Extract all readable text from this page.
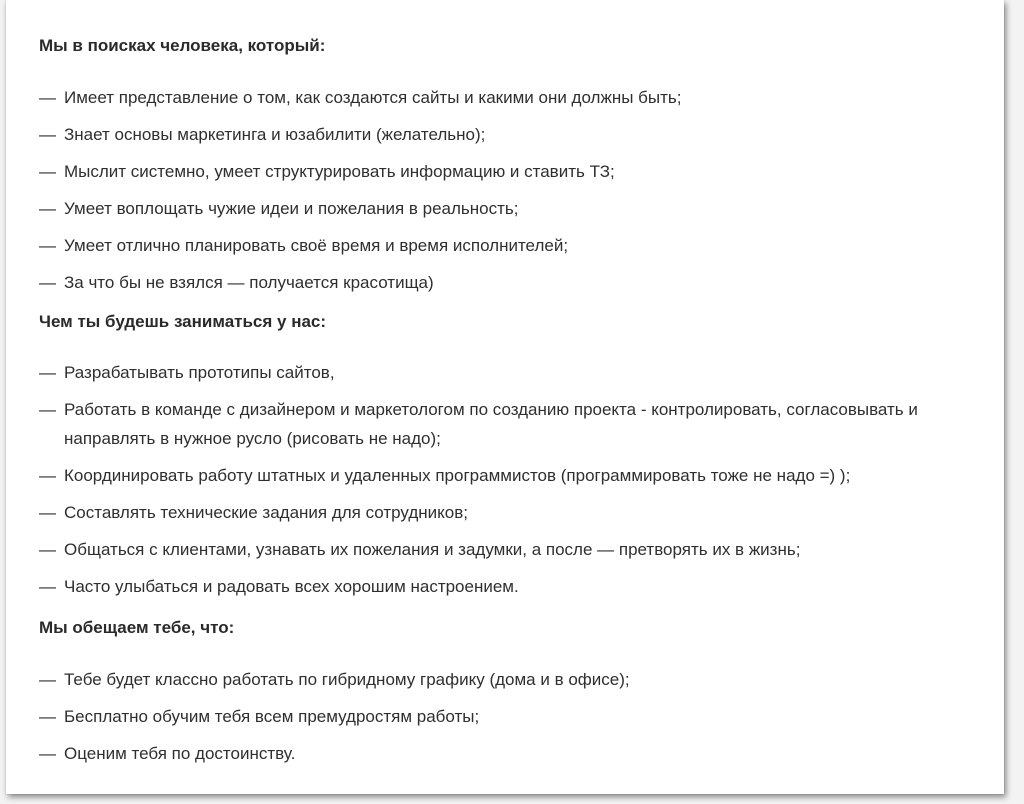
Мы в поисках человека, который:
— Имеет представление о том, как создаются сайты и какими они должны быть;
— Знает основы маркетинга и юзабилити (желательно);
— Мыслит системно, умеет структурировать информацию и ставить ТЗ;
— Умеет воплощать чужие идеи и пожелания в реальность;
— Умеет отлично планировать своё время и время исполнителей;
— За что бы не взялся — получается красотища)
Чем ты будешь заниматься у нас:
— Разрабатывать прототипы сайтов,
— Работать в команде с дизайнером и маркетологом по созданию проекта - контролировать, согласовывать и направлять в нужное русло (рисовать не надо);
— Координировать работу штатных и удаленных программистов (программировать тоже не надо =) );
— Составлять технические задания для сотрудников;
— Общаться с клиентами, узнавать их пожелания и задумки, а после — претворять их в жизнь;
— Часто улыбаться и радовать всех хорошим настроением.
Мы обещаем тебе, что:
— Тебе будет классно работать по гибридному графику (дома и в офисе);
— Бесплатно обучим тебя всем премудростям работы;
— Оценим тебя по достоинству.
